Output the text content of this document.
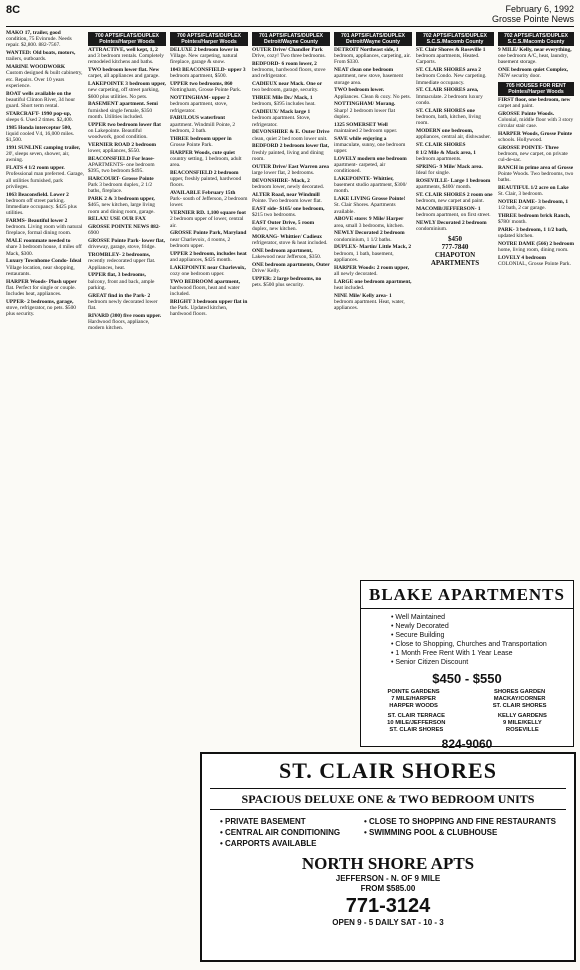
8C	February 6, 1992
Grosse Pointe News
MAKO 17, trailer, good condition, 75 Evinrude. Needs repair. $2,800. 882-7567.
WANTED: Old boats, motors, trailers, outboards.
MARINE WOODWORK Custom designed & built cabinetry, etc. Repairs. Over 10 years experience.
BOAT wells available on the beautiful Clinton River, 34 hour guard. Short term rental.
STARCRAFT- 1990 pop-up, sleeps 6. Used 2 times. $2,400.
1985 Honda interceptor 500, liquid cooled V4, 16,000 miles. $1,500.
1991 SUNLINE camping trailer, 20', sleeps seven, shower, air, awning.
FLATS 4 1/2 room upper. Professional man preferred. Garage, all utilities furnished, park privileges.
1063 Beaconsfield. Lower 2 bedroom off street parking. Immediate occupancy. $425 plus utilities.
FARMS- Beautiful lower 2 bedroom. Living room with natural fireplace, formal dining room.
MALE roommate needed to share 3 bedroom house, 4 miles off Mack, $300.
Luxury Townhome Condo- Ideal Village location, near shopping, restaurants.
HARPER Woods- Plush upper flat. Perfect for single or couple. Includes heat, appliances.
UPPER- 2 bedrooms, garage, stove, refrigerator, no pets. $500 plus security.
700 APTS/FLATS/DUPLEX Pointes/Harper Woods
ATTRACTIVE, well kept, 1, 2 and 3 bedroom rentals. Completely remodeled kitchens and baths.
TWO bedroom lower flat. New carpet, all appliances and garage.
LAKEPOINTE 3 bedroom upper, new carpeting, off street parking, $600 plus utilities. No pets.
BASEMENT apartment. Semi furnished single female, $350 month. Utilities included.
UPPER two bedroom lower flat on Lakepointe. Beautiful woodwork, good condition.
VERNIER ROAD 2 bedroom lower, appliances, $550.
BEACONSFIELD For lease- APARTMENTS- one bedroom $395, two bedroom $495.
HARCOURT- Grosse Pointe Park 3 bedroom duplex, 2 1/2 baths, fireplace.
PARK 2 & 3 bedroom upper, $465, new kitchen, large living room and dining room, garage.
RELAX! USE OUR FAX
GROSSE POINTE NEWS 882-6900
GROSSE Pointe Park- lower flat, driveway, garage, stove, fridge.
TROMBLEY- 2 bedrooms, recently redecorated upper flat. Appliances, heat.
UPPER flat, 3 bedrooms, balcony, front and back, ample parking.
GREAT find in the Park- 2 bedroom newly decorated lower flat.
RIVARD (300) five room upper. Hardwood floors, appliance, modern kitchen.
700 APTS/FLATS/DUPLEX Pointes/Harper Woods
DELUXE 2 bedroom lower in Village. New carpeting, natural fireplace, garage & snow.
1043 BEACONSFIELD- upper 3 bedroom apartment, $500.
UPPER two bedrooms, 860 Nottingham, Grosse Pointe Park.
NOTTINGHAM- upper 2 bedroom apartment, stove, refrigerator.
FABULOUS waterfront apartment. Windmill Pointe, 2 bedroom, 2 bath.
THREE bedroom upper in Grosse Pointe Park.
HARPER Woods, cute quiet country setting, 1 bedroom, adult area.
BEACONSFIELD 2 bedroom upper, freshly painted, hardwood floors.
AVAILABLE February 15th Park- south of Jefferson, 2 bedroom lower.
VERNIER RD. 1,100 square foot 2 bedroom upper of lower, central air.
GROSSE Pointe Park, Maryland near Charlevoix, 4 rooms, 2 bedroom upper.
UPPER 2 bedroom, includes heat and appliances, $425 month.
LAKEPOINTE near Charlevoix, cozy one bedroom upper.
TWO BEDROOM apartment, hardwood floors, heat and water included.
BRIGHT 3 bedroom upper flat in the Park. Updated kitchen, hardwood floors.
701 APTS/FLATS/DUPLEX Detroit/Wayne County
OUTER Drive/ Chandler Park Drive, cozy! Two three bedrooms.
BEDFORD- 6 room lower, 2 bedrooms, hardwood floors, stove and refrigerator.
CADIEUX near Mack. One or two bedroom, garage, security.
THREE Mile Dr./ Mack, 1 bedroom, $395 includes heat.
CADIEUX/ Mack large 1 bedroom apartment. Stove, refrigerator.
DEVONSHIRE & E. Outer Drive clean, quiet 2 bed room lower unit.
BEDFORD 2 bedroom lower flat, freshly painted, living and dining room.
OUTER Drive/ East Warren area large lower flat, 2 bedrooms.
DEVONSHIRE- Mack, 2 bedroom lower, newly decorated.
ALTER Road, near Windmill Pointe. Two bedroom lower flat.
EAST side- $165/ one bedroom, $215 two bedrooms.
EAST Outer Drive, 5 room duplex, new kitchen.
MORANG- Whittier/ Cadieux refrigerator, stove & heat included.
ONE bedroom apartment, Lakewood near Jefferson, $350.
ONE bedroom apartments, Outer Drive/ Kelly.
UPPER: 2 large bedrooms, no pets. $500 plus security.
701 APTS/FLATS/DUPLEX Detroit/Wayne County
DETROIT Northeast side, 1 bedroom, appliances, carpeting, air. From $330.
NEAT clean one bedroom apartment, new stove, basement storage area.
TWO bedroom lower. Appliances. Clean & cozy. No pets.
NOTTINGHAM/ Morang. Sharp! 2 bedroom lower flat duplex.
1325 SOMERSET Well maintained 2 bedroom upper.
SAVE while enjoying a immaculate, sunny, one bedroom upper.
LOVELY modern one bedroom apartment- carpeted, air conditioned.
LAKEPOINTE- Whittier, basement studio apartment, $300/ month.
LAKE LIVING Grosse Pointe! St. Clair Shores. Apartments available.
ABOVE store: 9 Mile/ Harper area, small 3 bedrooms, kitchen.
NEWLY Decorated 2 bedroom condominium, 1 1/2 baths.
DUPLEX- Martin/ Little Mack, 2 bedroom, 1 bath, basement, appliances.
HARPER Woods: 2 room upper, all newly decorated.
LARGE one bedroom apartment, heat included.
NINE Mile/ Kelly area- 1 bedroom apartment. Heat, water, appliances.
702 APTS/FLATS/DUPLEX S.C.S./Macomb County
ST. Clair Shores & Roseville 1 bedroom apartments, Heated. Carports.
ST. CLAIR SHORES area 2 bedroom Condo. New carpeting. Immediate occupancy.
ST. CLAIR SHORES area, Immaculate. 2 bedroom luxury condo.
ST. CLAIR SHORES one bedroom, bath, kitchen, living room.
MODERN one bedroom, appliances, central air, dishwasher.
ST. CLAIR SHORES
8 1/2 Mile & Mack area, 1 bedroom apartments.
SPRING- 9 Mile/ Mack area. Ideal for single.
ROSEVILLE- Large 1 bedroom apartments, $400/ month.
ST. CLAIR SHORES 2 room one bedroom, new carpet and paint.
MACOMB/JEFFERSON- 1 bedroom apartment, on first street.
NEWLY Decorated 2 bedroom condominium.
$450
777-7840
CHAPOTON APARTMENTS
702 APTS/FLATS/DUPLEX S.C.S./Macomb County
9 MILE/ Kelly, near everything, one bedroom A/C, heat, laundry, basement storage.
ONE bedroom quiet Complex, NEW security door.
705 HOUSES FOR RENT Pointes/Harper Woods
FIRST floor, one bedroom, new carpet and paint.
GROSSE Pointe Woods. Colonial, middle floor with 3 story circular stair case.
HARPER Woods, Grosse Pointe schools. Hollywood.
GROSSE POINTE- Three bedroom, new carpet, on private cul-de-sac.
RANCH in prime area of Grosse Pointe Woods. Two bedrooms, two baths.
BEAUTIFUL 1/2 acre on Lake St. Clair, 3 bedroom.
NOTRE DAME- 3 bedroom, 1 1/2 bath, 2 car garage.
THREE bedroom brick Ranch, $780/ month.
PARK- 3 bedroom, 1 1/2 bath, updated kitchen.
NOTRE DAME (566) 2 bedroom home, living room, dining room.
LOVELY 4 bedroom COLONIAL, Grosse Pointe Park.
BLAKE APARTMENTS
• Well Maintained
• Newly Decorated
• Secure Building
• Close to Shopping, Churches and Transportation
• 1 Month Free Rent With 1 Year Lease
• Senior Citizen Discount
$450 - $550
POINTE GARDENS
7 MILE/HARPER
HARPER WOODS
SHORES GARDEN
MACKAY/CORNER
ST. CLAIR SHORES
ST. CLAIR TERRACE
10 MILE/JEFFERSON
ST. CLAIR SHORES
KELLY GARDENS
9 MILE/KELLY
ROSEVILLE
824-9060
ST. CLAIR SHORES
SPACIOUS DELUXE ONE & TWO BEDROOM UNITS
• PRIVATE BASEMENT
• CENTRAL AIR CONDITIONING
• CARPORTS AVAILABLE
• CLOSE TO SHOPPING AND FINE RESTAURANTS
• SWIMMING POOL & CLUBHOUSE
NORTH SHORE APTS
JEFFERSON - N. OF 9 MILE
FROM $585.00
771-3124
OPEN 9 - 5 DAILY SAT - 10 - 3
